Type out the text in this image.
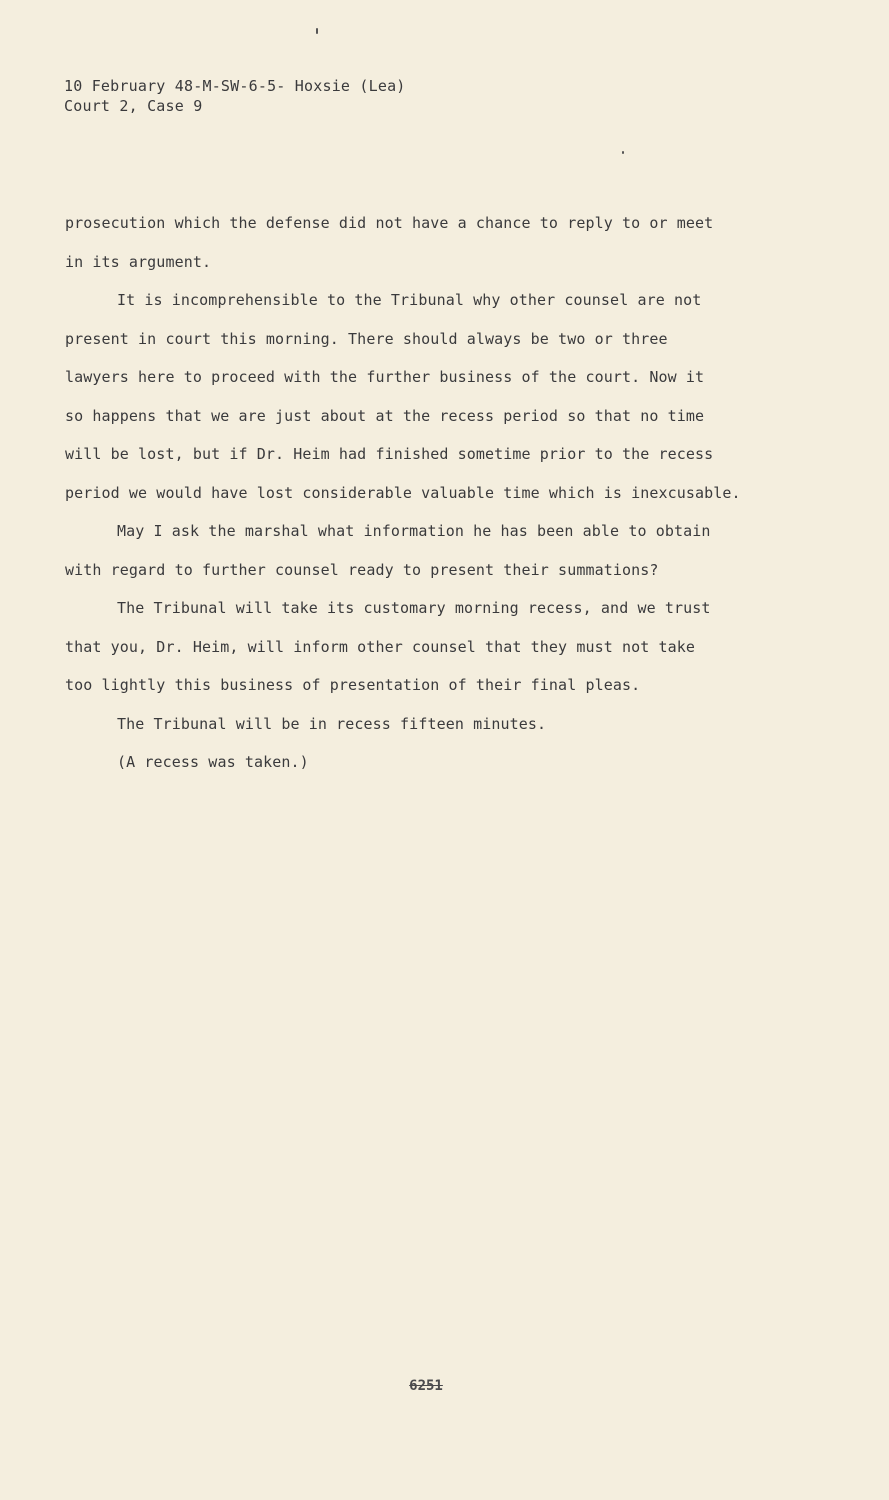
10 February 48-M-SW-6-5- Hoxsie (Lea)
Court 2, Case 9
prosecution which the defense did not have a chance to reply to or meet
in its argument.
It is incomprehensible to the Tribunal why other counsel are not
present in court this morning. There should always be two or three
lawyers here to proceed with the further business of the court. Now it
so happens that we are just about at the recess period so that no time
will be lost, but if Dr. Heim had finished sometime prior to the recess
period we would have lost considerable valuable time which is inexcusable.
May I ask the marshal what information he has been able to obtain
with regard to further counsel ready to present their summations?
The Tribunal will take its customary morning recess, and we trust
that you, Dr. Heim, will inform other counsel that they must not take
too lightly this business of presentation of their final pleas.
The Tribunal will be in recess fifteen minutes.
(A recess was taken.)
6251
